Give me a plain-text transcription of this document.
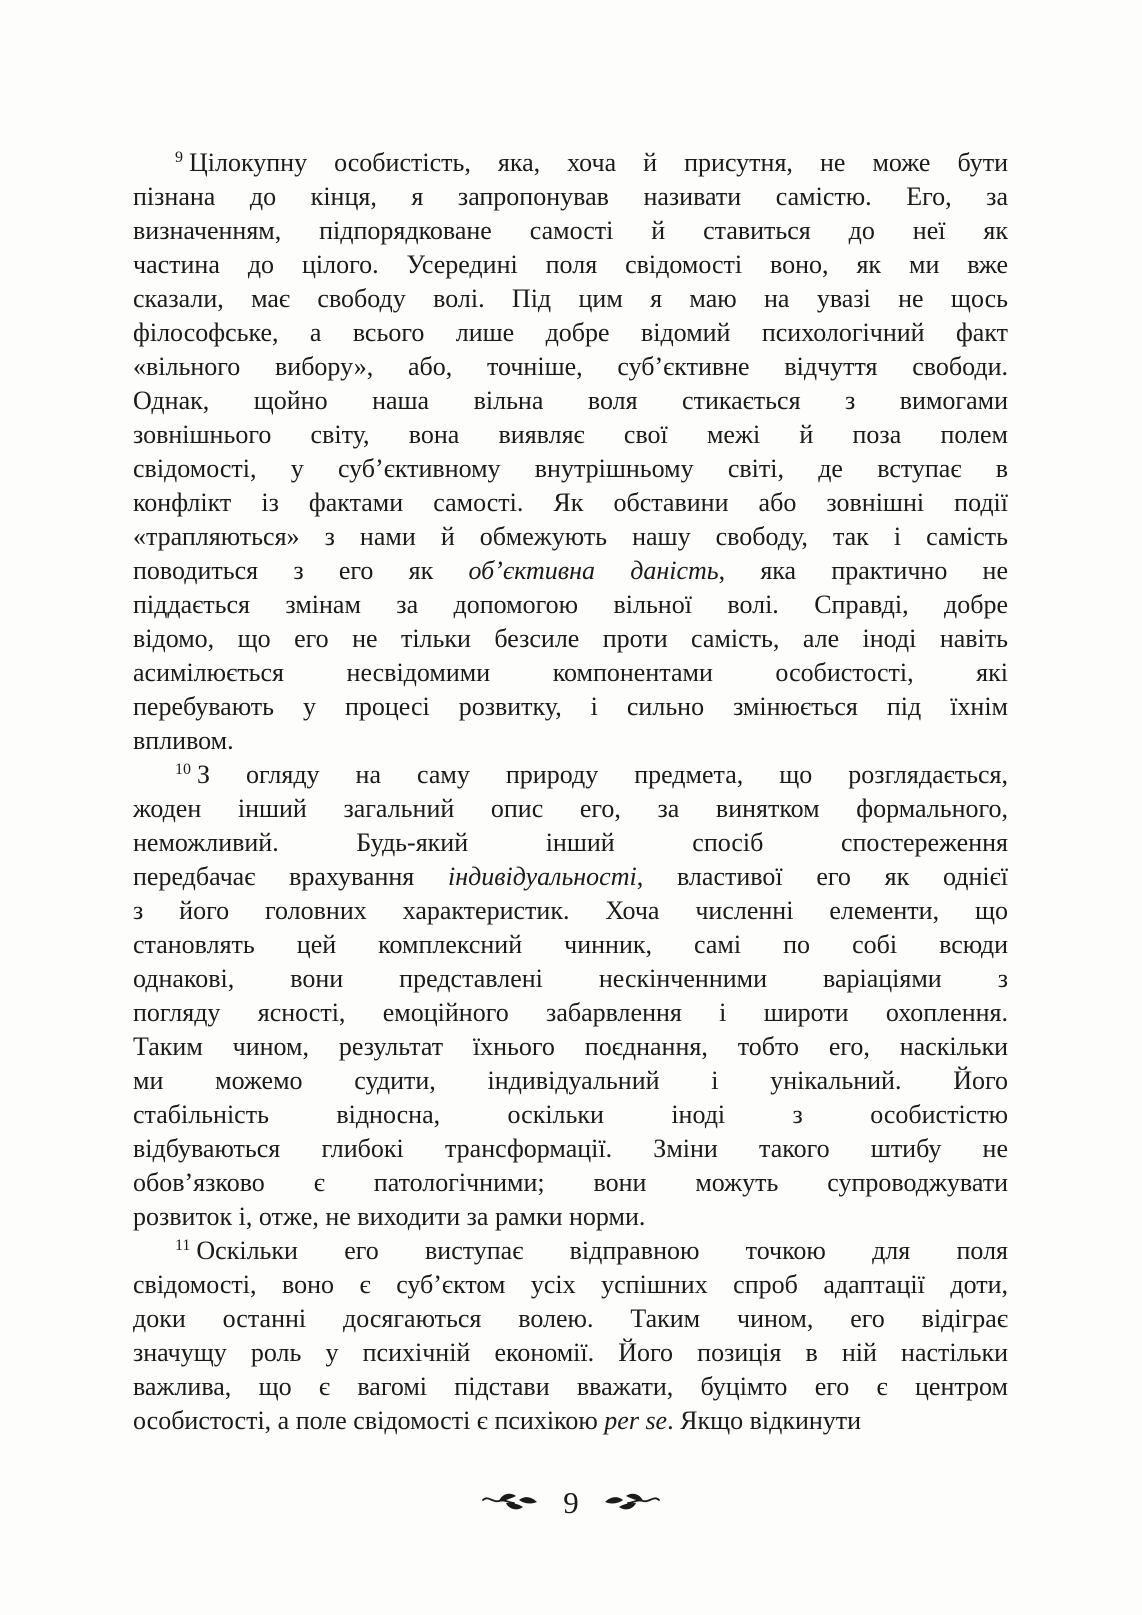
$^9$ Цілокупну особистість, яка, хоча й присутня, не може бути
пізнана до кінця, я запропонував називати самістю. Его, за
визначенням, підпорядковане самості й ставиться до неї як
частина до цілого. Усередині поля свідомості воно, як ми вже
сказали, має свободу волі. Під цим я маю на увазі не щось
філософське, а всього лише добре відомий психологічний факт
«вільного вибору», або, точніше, суб’єктивне відчуття свободи.
Однак, щойно наша вільна воля стикається з вимогами
зовнішнього світу, вона виявляє свої межі й поза полем
свідомості, у суб’єктивному внутрішньому світі, де вступає в
конфлікт із фактами самості. Як обставини або зовнішні події
«трапляються» з нами й обмежують нашу свободу, так і самість
поводиться з его як об’єктивна даність, яка практично не
піддається змінам за допомогою вільної волі. Справді, добре
відомо, що его не тільки безсиле проти самість, але іноді навіть
асимілюється несвідомими компонентами особистості, які
перебувають у процесі розвитку, і сильно змінюється під їхнім
впливом.
$^{10}$ З огляду на саму природу предмета, що розглядається,
жоден інший загальний опис его, за винятком формального,
неможливий. Будь-який інший спосіб спостереження
передбачає врахування індивідуальності, властивої его як однієї
з його головних характеристик. Хоча численні елементи, що
становлять цей комплексний чинник, самі по собі всюди
однакові, вони представлені нескінченними варіаціями з
погляду ясності, емоційного забарвлення і широти охоплення.
Таким чином, результат їхнього поєднання, тобто его, наскільки
ми можемо судити, індивідуальний і унікальний. Його
стабільність відносна, оскільки іноді з особистістю
відбуваються глибокі трансформації. Зміни такого штибу не
обов’язково є патологічними; вони можуть супроводжувати
розвиток і, отже, не виходити за рамки норми.
$^{11}$ Оскільки его виступає відправною точкою для поля
свідомості, воно є суб’єктом усіх успішних спроб адаптації доти,
доки останні досягаються волею. Таким чином, его відіграє
значущу роль у психічній економії. Його позиція в ній настільки
важлива, що є вагомі підстави вважати, буцімто его є центром
особистості, а поле свідомості є психікою per se. Якщо відкинути
9
